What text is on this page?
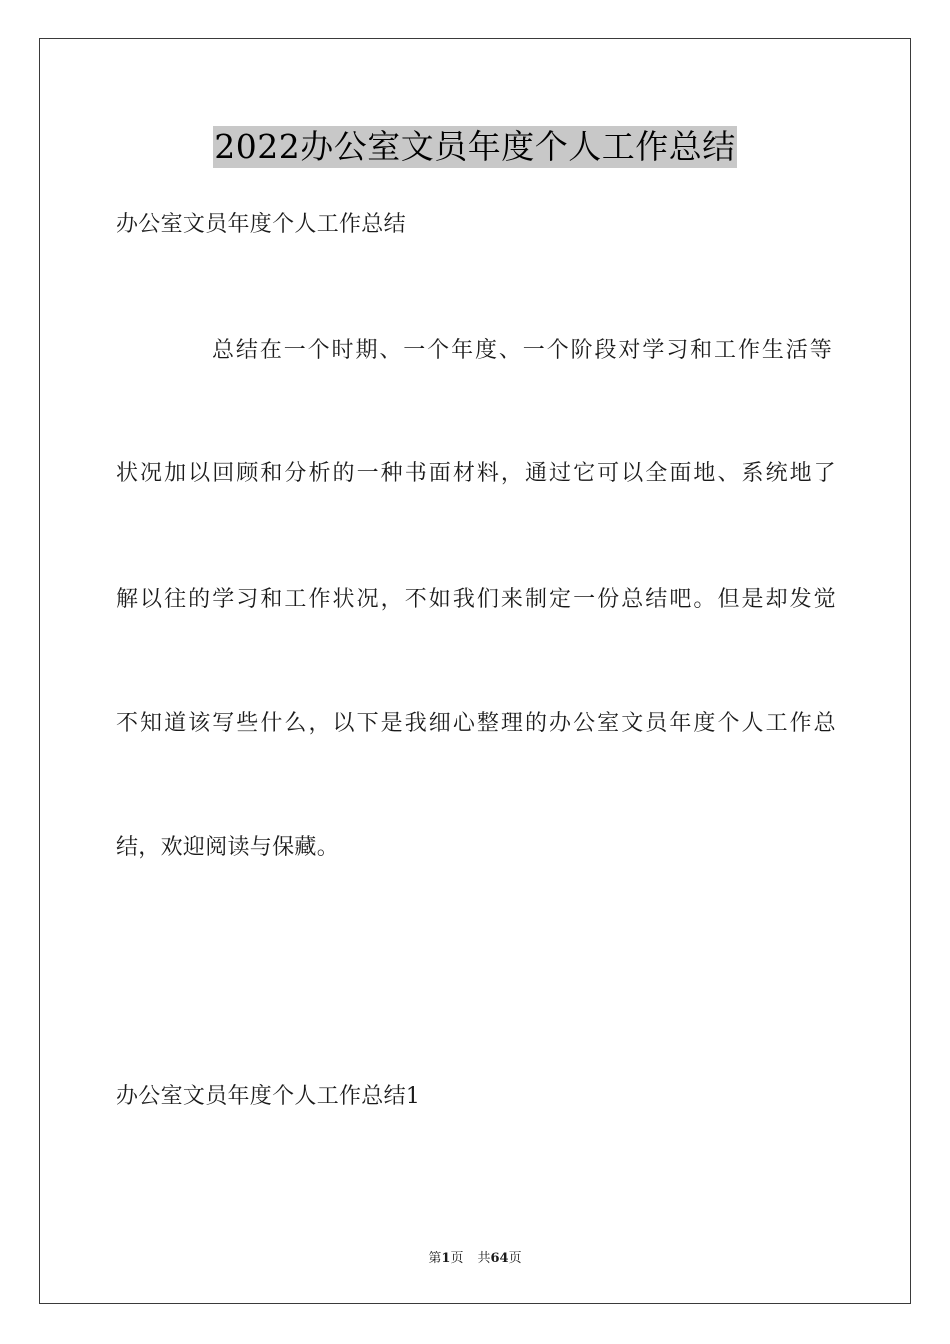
2022办公室文员年度个人工作总结
办公室文员年度个人工作总结
总结在一个时期、一个年度、一个阶段对学习和工作生活等
状况加以回顾和分析的一种书面材料，通过它可以全面地、系统地了
解以往的学习和工作状况，不如我们来制定一份总结吧。但是却发觉
不知道该写些什么，以下是我细心整理的办公室文员年度个人工作总
结，欢迎阅读与保藏。
办公室文员年度个人工作总结1
第1页 共64页
